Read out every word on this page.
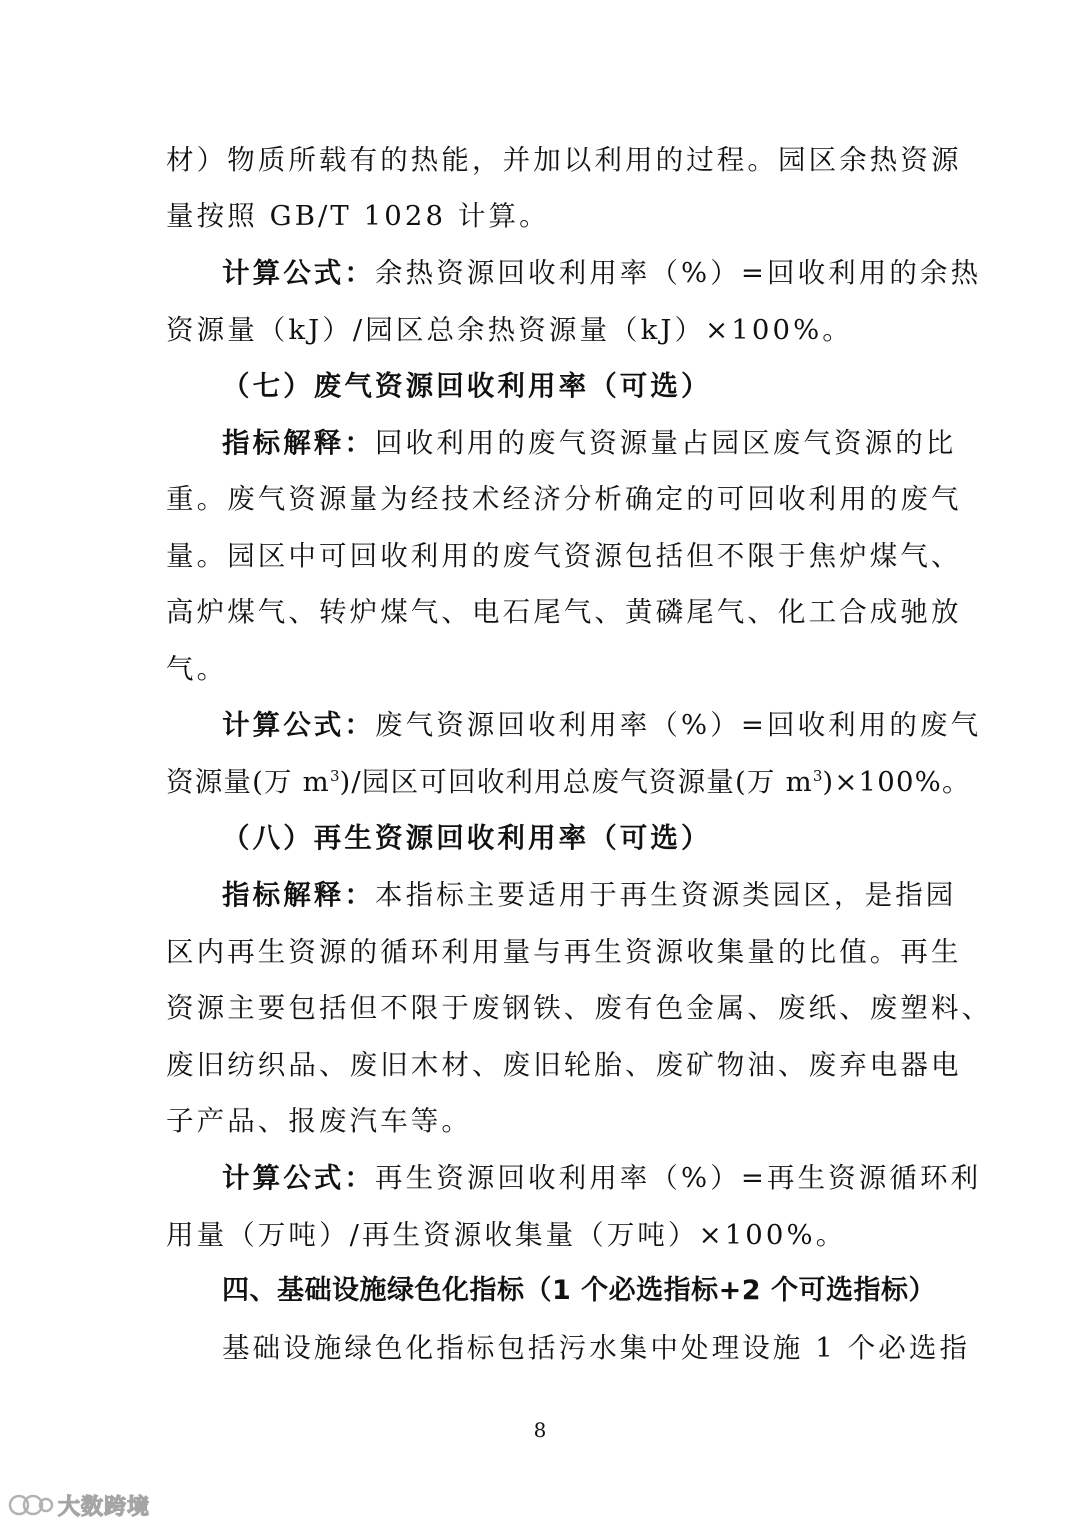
材）物质所载有的热能，并加以利用的过程。园区余热资源
量按照 GB/T 1028 计算。
计算公式：余热资源回收利用率（%）=回收利用的余热
资源量（kJ）/园区总余热资源量（kJ）×100%。
（七）废气资源回收利用率（可选）
指标解释：回收利用的废气资源量占园区废气资源的比
重。废气资源量为经技术经济分析确定的可回收利用的废气
量。园区中可回收利用的废气资源包括但不限于焦炉煤气、
高炉煤气、转炉煤气、电石尾气、黄磷尾气、化工合成驰放
气。
计算公式：废气资源回收利用率（%）=回收利用的废气
资源量(万 $m^3)/$园区可回收利用总废气资源量(万 $m^3)\times 100\%$。
（八）再生资源回收利用率（可选）
指标解释：本指标主要适用于再生资源类园区，是指园
区内再生资源的循环利用量与再生资源收集量的比值。再生
资源主要包括但不限于废钢铁、废有色金属、废纸、废塑料、
废旧纺织品、废旧木材、废旧轮胎、废矿物油、废弃电器电
子产品、报废汽车等。
计算公式：再生资源回收利用率（%）=再生资源循环利
用量（万吨）/再生资源收集量（万吨）×100%。
四、基础设施绿色化指标（1 个必选指标+2 个可选指标）
基础设施绿色化指标包括污水集中处理设施 1 个必选指
8
大数跨境
